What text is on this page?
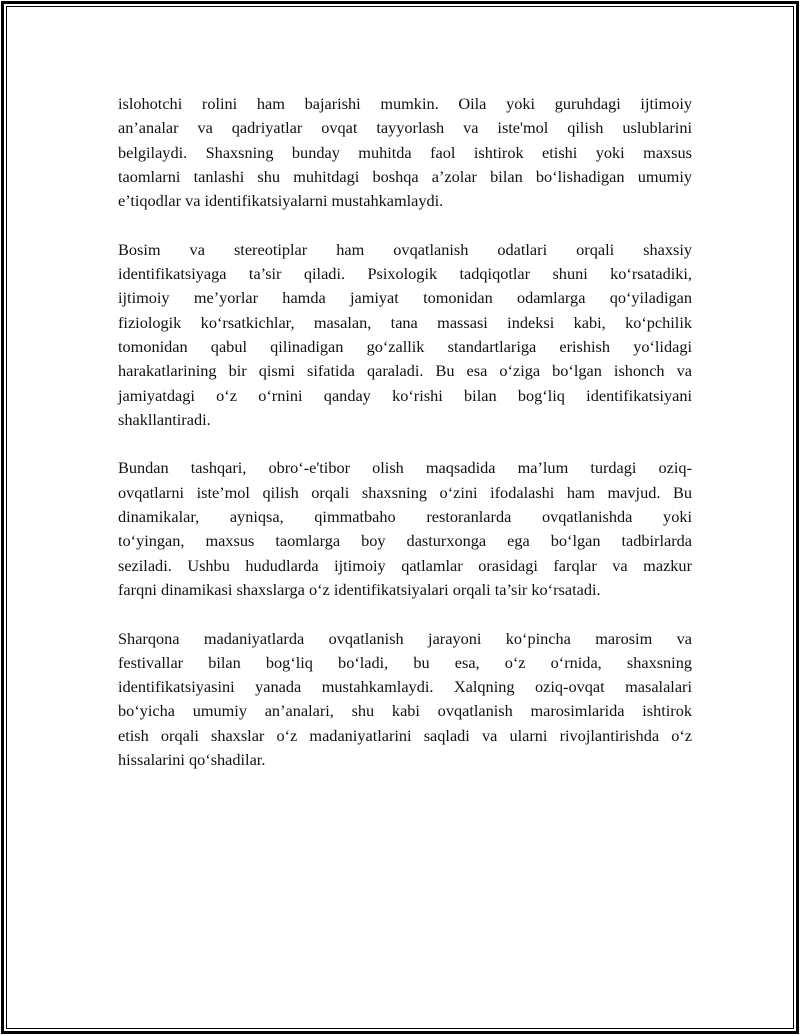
islohotchi rolini ham bajarishi mumkin. Oila yoki guruhdagi ijtimoiy
an’analar va qadriyatlar ovqat tayyorlash va iste'mol qilish uslublarini
belgilaydi. Shaxsning bunday muhitda faol ishtirok etishi yoki maxsus
taomlarni tanlashi shu muhitdagi boshqa a’zolar bilan bo‘lishadigan umumiy
e’tiqodlar va identifikatsiyalarni mustahkamlaydi.

Bosim va stereotiplar ham ovqatlanish odatlari orqali shaxsiy
identifikatsiyaga ta’sir qiladi. Psixologik tadqiqotlar shuni ko‘rsatadiki,
ijtimoiy me’yorlar hamda jamiyat tomonidan odamlarga qo‘yiladigan
fiziologik ko‘rsatkichlar, masalan, tana massasi indeksi kabi, ko‘pchilik
tomonidan qabul qilinadigan go‘zallik standartlariga erishish yo‘lidagi
harakatlarining bir qismi sifatida qaraladi. Bu esa o‘ziga bo‘lgan ishonch va
jamiyatdagi o‘z o‘rnini qanday ko‘rishi bilan bog‘liq identifikatsiyani
shakllantiradi.

Bundan tashqari, obro‘-e'tibor olish maqsadida ma’lum turdagi oziq-
ovqatlarni iste’mol qilish orqali shaxsning o‘zini ifodalashi ham mavjud. Bu
dinamikalar, ayniqsa, qimmatbaho restoranlarda ovqatlanishda yoki
to‘yingan, maxsus taomlarga boy dasturxonga ega bo‘lgan tadbirlarda
seziladi. Ushbu hududlarda ijtimoiy qatlamlar orasidagi farqlar va mazkur
farqni dinamikasi shaxslarga o‘z identifikatsiyalari orqali ta’sir ko‘rsatadi.

Sharqona madaniyatlarda ovqatlanish jarayoni ko‘pincha marosim va
festivallar bilan bog‘liq bo‘ladi, bu esa, o‘z o‘rnida, shaxsning
identifikatsiyasini yanada mustahkamlaydi. Xalqning oziq-ovqat masalalari
bo‘yicha umumiy an’analari, shu kabi ovqatlanish marosimlarida ishtirok
etish orqali shaxslar o‘z madaniyatlarini saqladi va ularni rivojlantirishda o‘z
hissalarini qo‘shadilar.
